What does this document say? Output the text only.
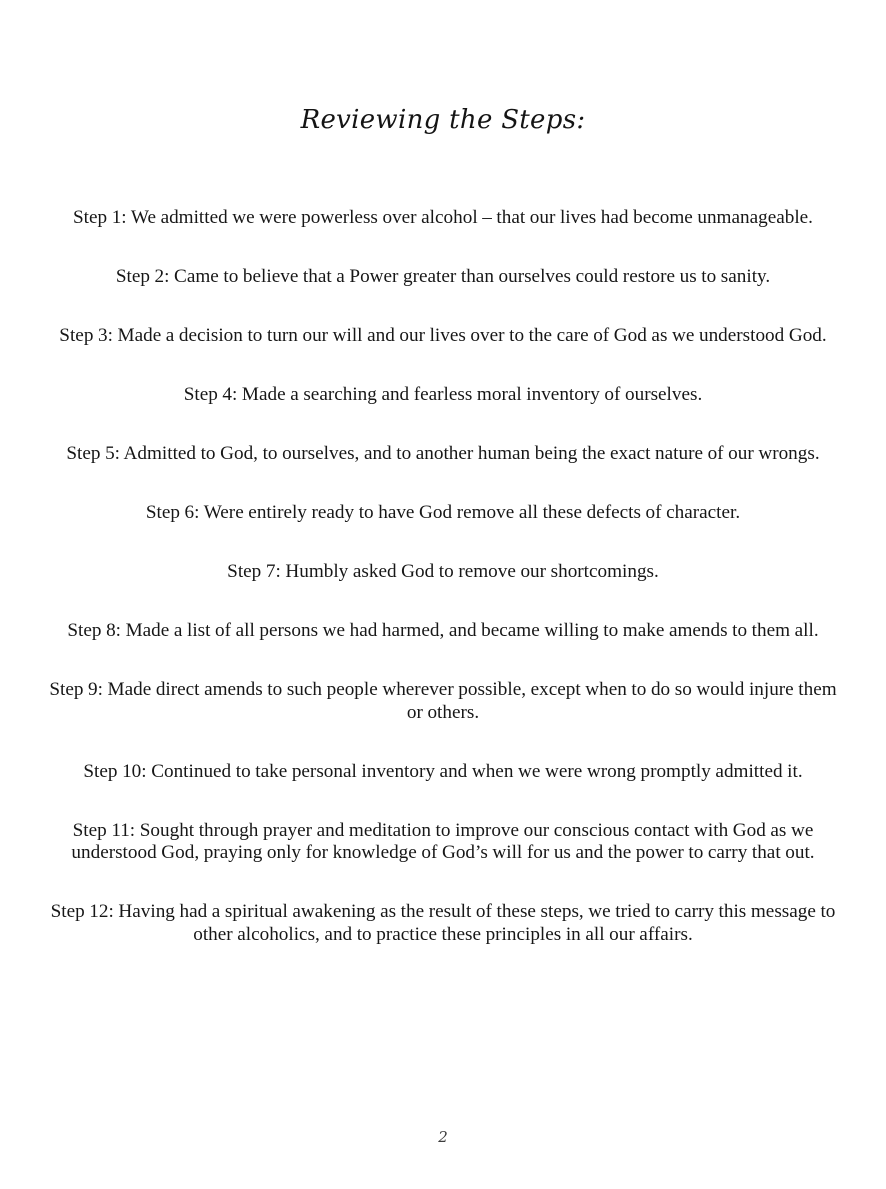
Reviewing the Steps:
Step 1: We admitted we were powerless over alcohol – that our lives had become unmanageable.
Step 2: Came to believe that a Power greater than ourselves could restore us to sanity.
Step 3: Made a decision to turn our will and our lives over to the care of God as we understood God.
Step 4: Made a searching and fearless moral inventory of ourselves.
Step 5: Admitted to God, to ourselves, and to another human being the exact nature of our wrongs.
Step 6: Were entirely ready to have God remove all these defects of character.
Step 7: Humbly asked God to remove our shortcomings.
Step 8: Made a list of all persons we had harmed, and became willing to make amends to them all.
Step 9: Made direct amends to such people wherever possible, except when to do so would injure them or others.
Step 10: Continued to take personal inventory and when we were wrong promptly admitted it.
Step 11: Sought through prayer and meditation to improve our conscious contact with God as we understood God, praying only for knowledge of God’s will for us and the power to carry that out.
Step 12: Having had a spiritual awakening as the result of these steps, we tried to carry this message to other alcoholics, and to practice these principles in all our affairs.
2
